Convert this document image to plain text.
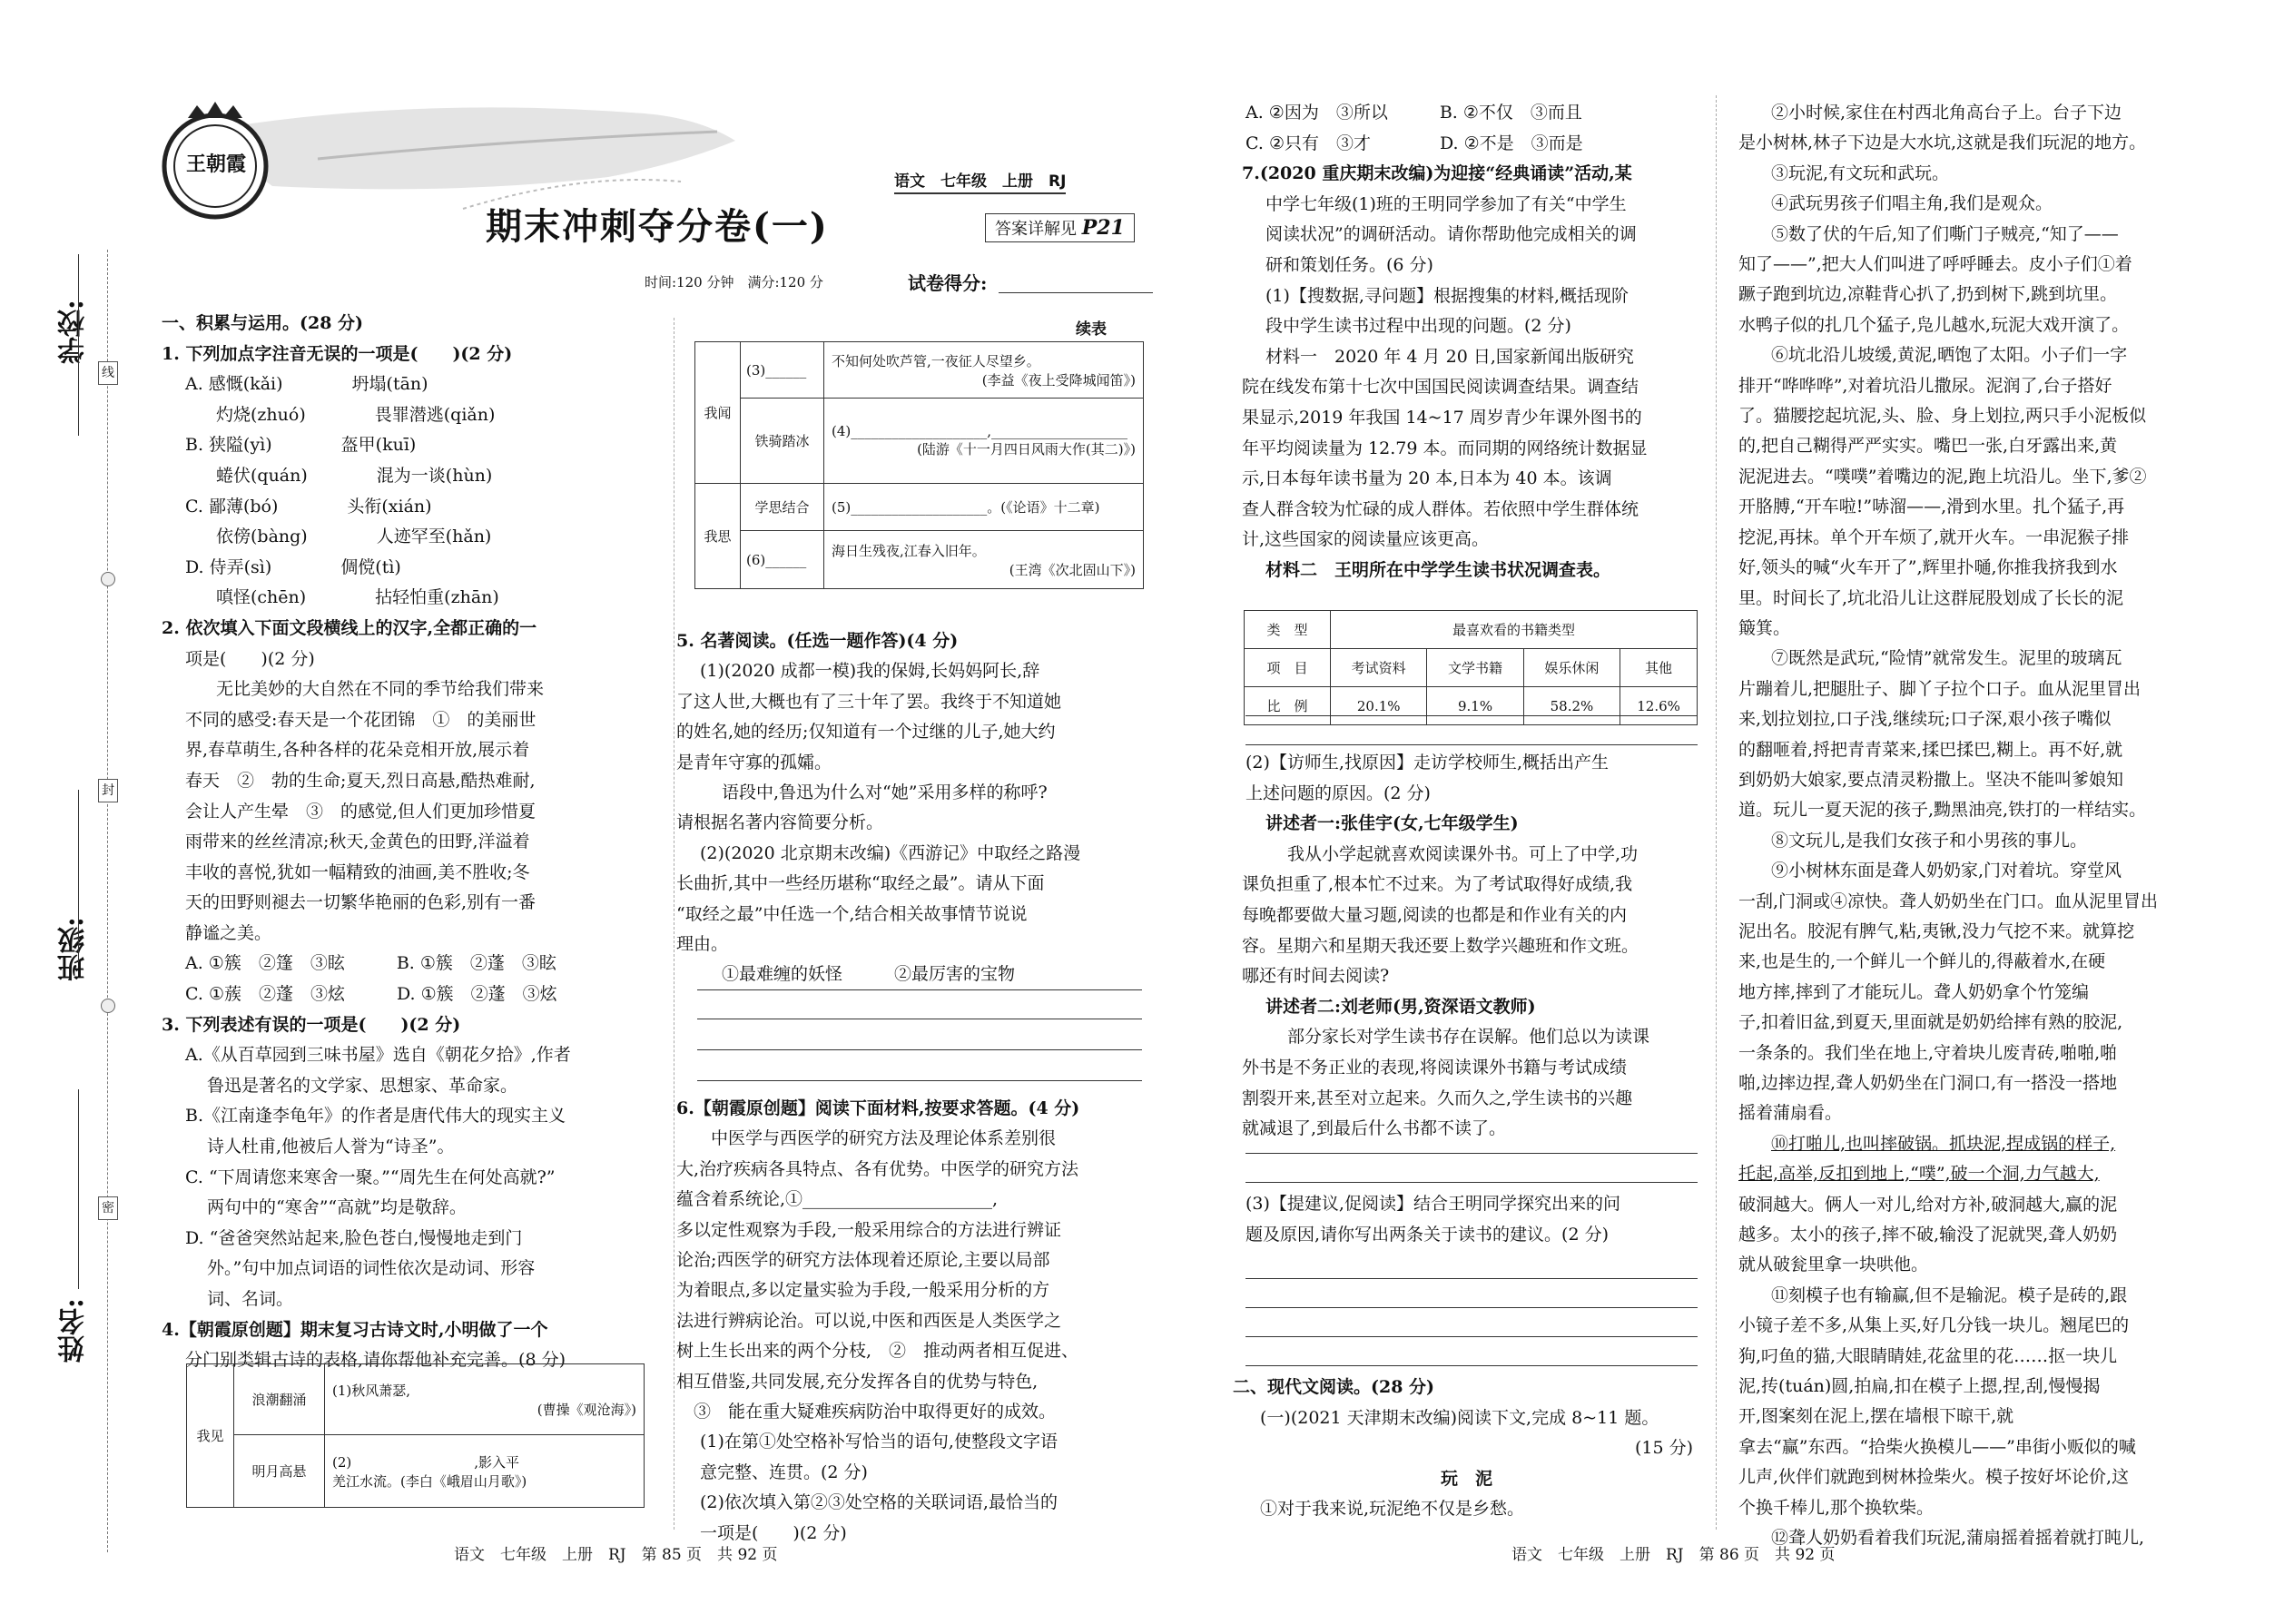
学校:
班级:
姓名:
线
封
密
王朝霞
期末冲刺夺分卷(一)
语文　七年级　上册　RJ
答案详解见 P21
时间:120 分钟　满分:120 分	试卷得分:
一、积累与运用。(28 分)
1. 下列加点字注音无误的一项是(　　)(2 分)
A. 感慨(kǎi)　　　　坍塌(tān)
灼烧(zhuó)　　　　畏罪潜逃(qiǎn)
B. 狭隘(yì)　　　　盔甲(kuī)
蜷伏(quán)　　　　混为一谈(hùn)
C. 鄙薄(bó)　　　　头衔(xián)
依傍(bàng)　　　　人迹罕至(hǎn)
D. 侍弄(sì)　　　　倜傥(tì)
嗔怪(chēn)　　　　拈轻怕重(zhān)
2. 依次填入下面文段横线上的汉字,全都正确的一
项是(　　)(2 分)
无比美妙的大自然在不同的季节给我们带来
不同的感受:春天是一个花团锦　①　的美丽世
界,春草萌生,各种各样的花朵竞相开放,展示着
春天　②　勃的生命;夏天,烈日高悬,酷热难耐,
会让人产生晕　③　的感觉,但人们更加珍惜夏
雨带来的丝丝清凉;秋天,金黄色的田野,洋溢着
丰收的喜悦,犹如一幅精致的油画,美不胜收;冬
天的田野则褪去一切繁华艳丽的色彩,别有一番
静谧之美。
A. ①簇　②篷　③眩　　　B. ①簇　②蓬　③眩
C. ①蔟　②蓬　③炫　　　D. ①簇　②蓬　③炫
3. 下列表述有误的一项是(　　)(2 分)
A.《从百草园到三味书屋》选自《朝花夕拾》,作者
鲁迅是著名的文学家、思想家、革命家。
B.《江南逢李龟年》的作者是唐代伟大的现实主义
诗人杜甫,他被后人誉为“诗圣”。
C. “下周请您来寒舍一聚。”“周先生在何处高就?”
两句中的“寒舍”“高就”均是敬辞。
D. “爸爸突然站起来,脸色苍白,慢慢地走到门
外。”句中加点词语的词性依次是动词、形容
词、名词。
4.【朝霞原创题】期末复习古诗文时,小明做了一个
分门别类辑古诗的表格,请你帮他补充完善。(8 分)
我见	浪潮翻涌	(1)秋风萧瑟,
(曹操《观沧海》)

	明月高悬	(2)　　　　　　　　　,影入平
羌江水流。(李白《峨眉山月歌》)
续表
我闻	(3)______	不知何处吹芦管,一夜征人尽望乡。
(李益《夜上受降城闻笛》)

	铁骑踏冰	(4)____________________,____________________
(陆游《十一月四日风雨大作(其二)》)

我思	学思结合	(5)____________________。(《论语》十二章)
	(6)______	海日生残夜,江春入旧年。
(王湾《次北固山下》)
5. 名著阅读。(任选一题作答)(4 分)
(1)(2020 成都一模)我的保姆,长妈妈阿长,辞
了这人世,大概也有了三十年了罢。我终于不知道她
的姓名,她的经历;仅知道有一个过继的儿子,她大约
是青年守寡的孤孀。
语段中,鲁迅为什么对“她”采用多样的称呼?
请根据名著内容简要分析。
(2)(2020 北京期末改编)《西游记》中取经之路漫
长曲折,其中一些经历堪称“取经之最”。请从下面
“取经之最”中任选一个,结合相关故事情节说说
理由。
①最难缠的妖怪　　　②最厉害的宝物
6.【朝霞原创题】阅读下面材料,按要求答题。(4 分)
中医学与西医学的研究方法及理论体系差别很
大,治疗疾病各具特点、各有优势。中医学的研究方法
蕴含着系统论,①______________________,
多以定性观察为手段,一般采用综合的方法进行辨证
论治;西医学的研究方法体现着还原论,主要以局部
为着眼点,多以定量实验为手段,一般采用分析的方
法进行辨病论治。可以说,中医和西医是人类医学之
树上生长出来的两个分枝,　②　推动两者相互促进、
相互借鉴,共同发展,充分发挥各自的优势与特色,
　③　能在重大疑难疾病防治中取得更好的成效。
(1)在第①处空格补写恰当的语句,使整段文字语
意完整、连贯。(2 分)
(2)依次填入第②③处空格的关联词语,最恰当的
一项是(　　)(2 分)
A. ②因为　③所以　　　B. ②不仅　③而且
C. ②只有　③才　　　　D. ②不是　③而是
7.(2020 重庆期末改编)为迎接“经典诵读”活动,某
中学七年级(1)班的王明同学参加了有关“中学生
阅读状况”的调研活动。请你帮助他完成相关的调
研和策划任务。(6 分)
(1)【搜数据,寻问题】根据搜集的材料,概括现阶
段中学生读书过程中出现的问题。(2 分)
材料一　2020 年 4 月 20 日,国家新闻出版研究
院在线发布第十七次中国国民阅读调查结果。调查结
果显示,2019 年我国 14~17 周岁青少年课外图书的
年平均阅读量为 12.79 本。而同期的网络统计数据显
示,日本每年读书量为 20 本,日本为 40 本。该调
查人群含较为忙碌的成人群体。若依照中学生群体统
计,这些国家的阅读量应该更高。
材料二　王明所在中学学生读书状况调查表。
类　型	最喜欢看的书籍类型			
项　目	考试资料	文学书籍	娱乐休闲	其他
比　例	20.1%	9.1%	58.2%	12.6%
(2)【访师生,找原因】走访学校师生,概括出产生
上述问题的原因。(2 分)
讲述者一:张佳宇(女,七年级学生)
我从小学起就喜欢阅读课外书。可上了中学,功
课负担重了,根本忙不过来。为了考试取得好成绩,我
每晚都要做大量习题,阅读的也都是和作业有关的内
容。星期六和星期天我还要上数学兴趣班和作文班。
哪还有时间去阅读?
讲述者二:刘老师(男,资深语文教师)
部分家长对学生读书存在误解。他们总以为读课
外书是不务正业的表现,将阅读课外书籍与考试成绩
割裂开来,甚至对立起来。久而久之,学生读书的兴趣
就减退了,到最后什么书都不读了。
(3)【提建议,促阅读】结合王明同学探究出来的问
题及原因,请你写出两条关于读书的建议。(2 分)
二、现代文阅读。(28 分)
(一)(2021 天津期末改编)阅读下文,完成 8~11 题。
(15 分)
玩　泥
①对于我来说,玩泥绝不仅是乡愁。
②小时候,家住在村西北角高台子上。台子下边
是小树林,林子下边是大水坑,这就是我们玩泥的地方。
③玩泥,有文玩和武玩。
④武玩男孩子们唱主角,我们是观众。
⑤数了伏的午后,知了们嘶门子贼亮,“知了——
知了——”,把大人们叫进了呼呼睡去。皮小子们①着
蹶子跑到坑边,凉鞋背心扒了,扔到树下,跳到坑里。
水鸭子似的扎几个猛子,凫儿越水,玩泥大戏开演了。
⑥坑北沿儿坡缓,黄泥,晒饱了太阳。小子们一字
排开“哗哗哗”,对着坑沿儿撒尿。泥润了,台子搭好
了。猫腰挖起坑泥,头、脸、身上划拉,两只手小泥板似
的,把自己糊得严严实实。嘴巴一张,白牙露出来,黄
泥泥进去。“噗噗”着嘴边的泥,跑上坑沿儿。坐下,爹②
开胳膊,“开车啦!”哧溜——,滑到水里。扎个猛子,再
挖泥,再抹。单个开车烦了,就开火车。一串泥猴子排
好,领头的喊“火车开了”,辉里扑嗵,你推我挤我到水
里。时间长了,坑北沿儿让这群屁股划成了长长的泥
簸箕。
⑦既然是武玩,“险情”就常发生。泥里的玻璃瓦
片蹦着儿,把腿肚子、脚丫子拉个口子。血从泥里冒出
来,划拉划拉,口子浅,继续玩;口子深,艰小孩子嘴似
的翻咂着,捋把青青菜来,揉巴揉巴,糊上。再不好,就
到奶奶大娘家,要点清灵粉撒上。坚决不能叫爹娘知
道。玩儿一夏天泥的孩子,黝黑油亮,铁打的一样结实。
⑧文玩儿,是我们女孩子和小男孩的事儿。
⑨小树林东面是聋人奶奶家,门对着坑。穿堂风
一刮,门洞或④凉快。聋人奶奶坐在门口。血从泥里冒出
泥出名。胶泥有脾气,粘,夷锹,没力气挖不来。就算挖
来,也是生的,一个鲜儿一个鲜儿的,得蔽着水,在硬
地方摔,摔到了才能玩儿。聋人奶奶拿个竹笼编
子,扣着旧盆,到夏天,里面就是奶奶给摔有熟的胶泥,
一条条的。我们坐在地上,守着块儿废青砖,啪啪,啪
啪,边摔边捏,聋人奶奶坐在门洞口,有一搭没一搭地
摇着蒲扇看。
⑩打啪儿,也叫摔破锅。抓块泥,捏成锅的样子,
托起,高举,反扣到地上,“噗”,破一个洞,力气越大,
破洞越大。俩人一对儿,给对方补,破洞越大,赢的泥
越多。太小的孩子,摔不破,输没了泥就哭,聋人奶奶
就从破瓮里拿一块哄他。
⑪刻模子也有输赢,但不是输泥。模子是砖的,跟
小镜子差不多,从集上买,好几分钱一块儿。翘尾巴的
狗,叼鱼的猫,大眼睛睛娃,花盆里的花……抠一块儿
泥,抟(tuán)圆,拍扁,扣在模子上摁,捏,刮,慢慢揭
开,图案刻在泥上,摆在墙根下晾干,就
拿去“赢”东西。“拾柴火换模儿——”串街小贩似的喊
儿声,伙伴们就跑到树林捡柴火。模子按好坏论价,这
个换千棒儿,那个换软柴。
⑫聋人奶奶看着我们玩泥,蒲扇摇着摇着就打盹儿,
语文　七年级　上册　RJ　第 85 页　共 92 页	语文　七年级　上册　RJ　第 86 页　共 92 页
